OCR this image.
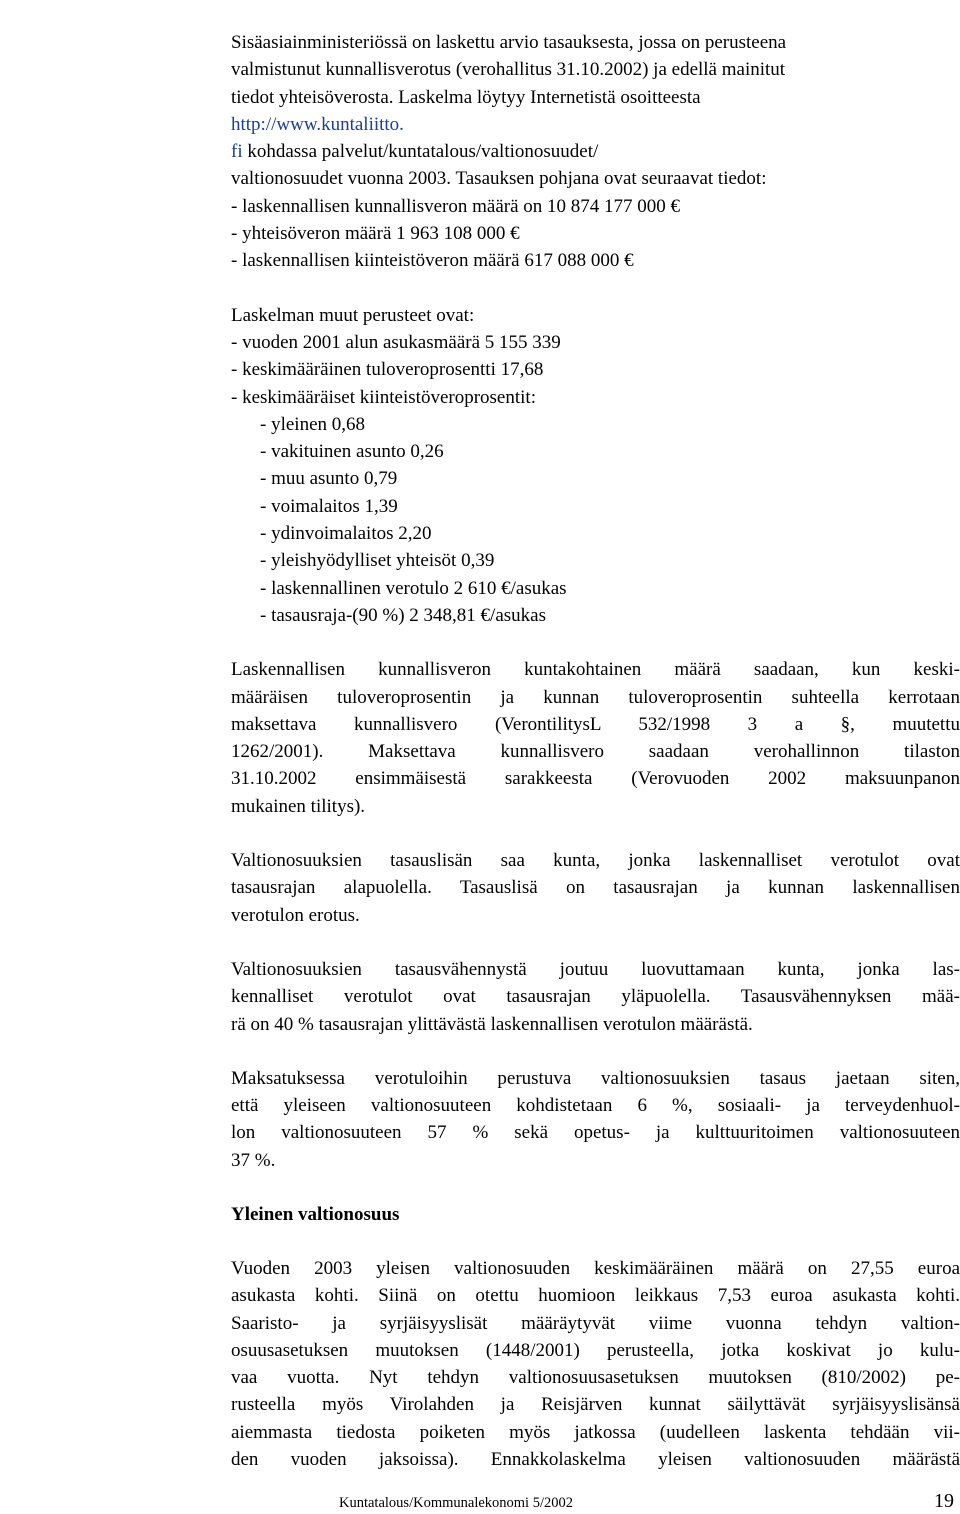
Sisäasiainministeriössä on laskettu arvio tasauksesta, jossa on perusteena
valmistunut kunnallisverotus (verohallitus 31.10.2002) ja edellä mainitut
tiedot yhteisöverosta. Laskelma löytyy Internetistä osoitteesta
http://www.kuntaliitto.
fi kohdassa palvelut/kuntatalous/valtionosuudet/
valtionosuudet vuonna 2003. Tasauksen pohjana ovat seuraavat tiedot:
- laskennallisen kunnallisveron määrä on 10 874 177 000 €
- yhteisöveron määrä 1 963 108 000 €
- laskennallisen kiinteistöveron määrä 617 088 000 €
Laskelman muut perusteet ovat:
- vuoden 2001 alun asukasmäärä 5 155 339
- keskimääräinen tuloveroprosentti 17,68
- keskimääräiset kiinteistöveroprosentit:
- yleinen 0,68
- vakituinen asunto 0,26
- muu asunto 0,79
- voimalaitos 1,39
- ydinvoimalaitos 2,20
- yleishyödylliset yhteisöt 0,39
- laskennallinen verotulo 2 610 €/asukas
- tasausraja-(90 %) 2 348,81 €/asukas
Laskennallisen kunnallisveron kuntakohtainen määrä saadaan, kun keski-
määräisen tuloveroprosentin ja kunnan tuloveroprosentin suhteella kerrotaan
maksettava kunnallisvero (VerontilitysL 532/1998 3 a §, muutettu
1262/2001). Maksettava kunnallisvero saadaan verohallinnon tilaston
31.10.2002 ensimmäisestä sarakkeesta (Verovuoden 2002 maksuunpanon
mukainen tilitys).
Valtionosuuksien tasauslisän saa kunta, jonka laskennalliset verotulot ovat
tasausrajan alapuolella. Tasauslisä on tasausrajan ja kunnan laskennallisen
verotulon erotus.
Valtionosuuksien tasausvähennystä joutuu luovuttamaan kunta, jonka las-
kennalliset verotulot ovat tasausrajan yläpuolella. Tasausvähennyksen mää-
rä on 40 % tasausrajan ylittävästä laskennallisen verotulon määrästä.
Maksatuksessa verotuloihin perustuva valtionosuuksien tasaus jaetaan siten,
että yleiseen valtionosuuteen kohdistetaan 6 %, sosiaali- ja terveydenhuol-
lon valtionosuuteen 57 % sekä opetus- ja kulttuuritoimen valtionosuuteen
37 %.
Yleinen valtionosuus
Vuoden 2003 yleisen valtionosuuden keskimääräinen määrä on 27,55 euroa
asukasta kohti. Siinä on otettu huomioon leikkaus 7,53 euroa asukasta kohti.
Saaristo- ja syrjäisyyslisät määräytyvät viime vuonna tehdyn valtion-
osuusasetuksen muutoksen (1448/2001) perusteella, jotka koskivat jo kulu-
vaa vuotta. Nyt tehdyn valtionosuusasetuksen muutoksen (810/2002) pe-
rusteella myös Virolahden ja Reisjärven kunnat säilyttävät syrjäisyyslisänsä
aiemmasta tiedosta poiketen myös jatkossa (uudelleen laskenta tehdään vii-
den vuoden jaksoissa). Ennakkolaskelma yleisen valtionosuuden määrästä
Kuntatalous/Kommunalekonomi 5/2002	19
